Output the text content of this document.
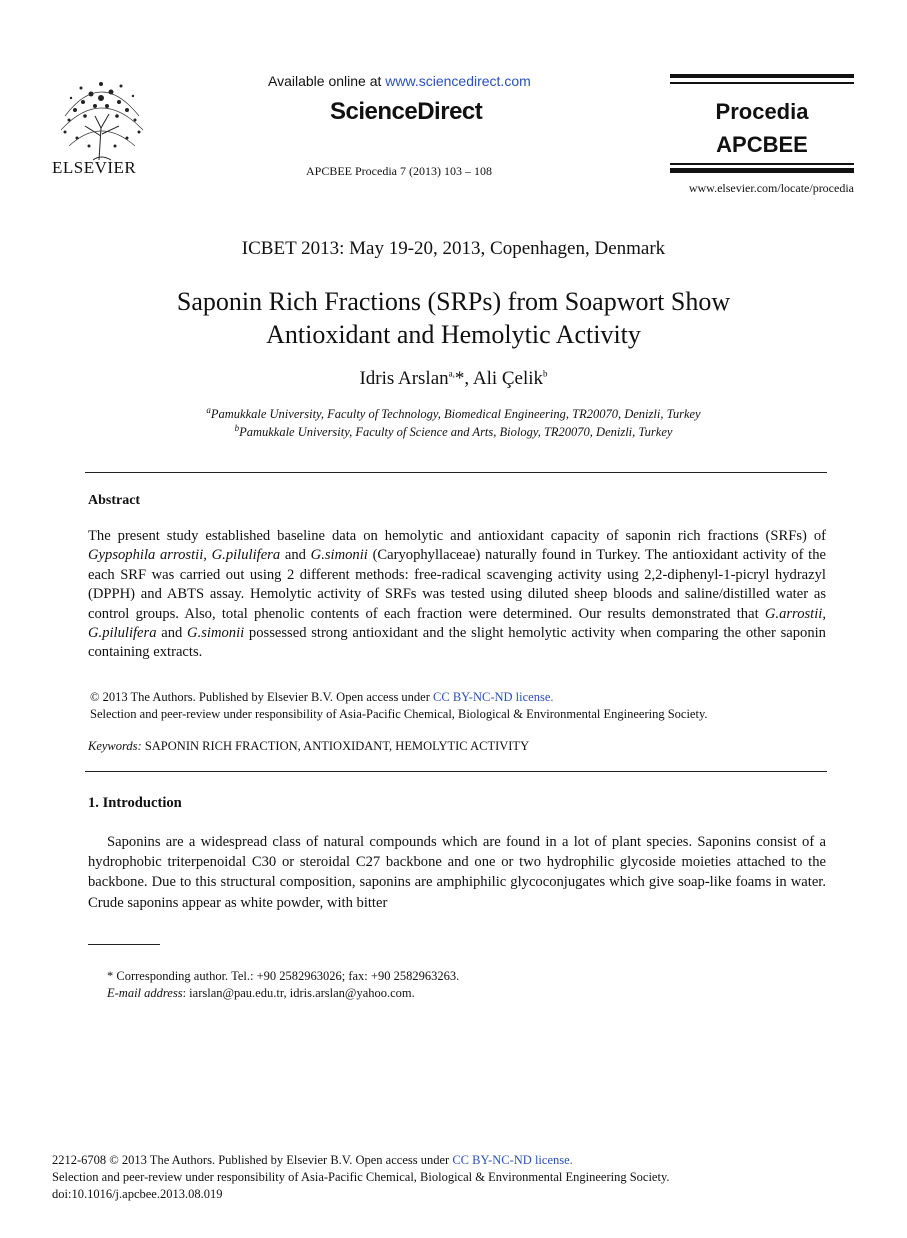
ELSEVIER
Available online at www.sciencedirect.com
ScienceDirect
APCBEE Procedia 7 (2013) 103 – 108
Procedia
APCBEE
www.elsevier.com/locate/procedia
ICBET 2013: May 19-20, 2013, Copenhagen, Denmark
Saponin Rich Fractions (SRPs) from Soapwort Show
Antioxidant and Hemolytic Activity
Idris Arslan$^{a,}$*, Ali Çelik$^b$
$^a$Pamukkale University, Faculty of Technology, Biomedical Engineering, TR20070, Denizli, Turkey
$^b$Pamukkale University, Faculty of Science and Arts, Biology, TR20070, Denizli, Turkey
Abstract
The present study established baseline data on hemolytic and antioxidant capacity of saponin rich fractions (SRFs) of Gypsophila arrostii, G.pilulifera and G.simonii (Caryophyllaceae) naturally found in Turkey. The antioxidant activity of the each SRF was carried out using 2 different methods: free-radical scavenging activity using 2,2-diphenyl-1-picryl hydrazyl (DPPH) and ABTS assay. Hemolytic activity of SRFs was tested using diluted sheep bloods and saline/distilled water as control groups. Also, total phenolic contents of each fraction were determined. Our results demonstrated that G.arrostii, G.pilulifera and G.simonii possessed strong antioxidant and the slight hemolytic activity when comparing the other saponin containing extracts.
© 2013 The Authors. Published by Elsevier B.V. Open access under CC BY-NC-ND license.
Selection and peer-review under responsibility of Asia-Pacific Chemical, Biological & Environmental Engineering Society.
Keywords: SAPONIN RICH FRACTION, ANTIOXIDANT, HEMOLYTIC ACTIVITY
1. Introduction
Saponins are a widespread class of natural compounds which are found in a lot of plant species. Saponins consist of a hydrophobic triterpenoidal C30 or steroidal C27 backbone and one or two hydrophilic glycoside moieties attached to the backbone. Due to this structural composition, saponins are amphiphilic glycoconjugates which give soap-like foams in water. Crude saponins appear as white powder, with bitter
* Corresponding author. Tel.: +90 2582963026; fax: +90 2582963263.
E-mail address: iarslan@pau.edu.tr, idris.arslan@yahoo.com.
2212-6708 © 2013 The Authors. Published by Elsevier B.V. Open access under CC BY-NC-ND license.
Selection and peer-review under responsibility of Asia-Pacific Chemical, Biological & Environmental Engineering Society.
doi:10.1016/j.apcbee.2013.08.019
